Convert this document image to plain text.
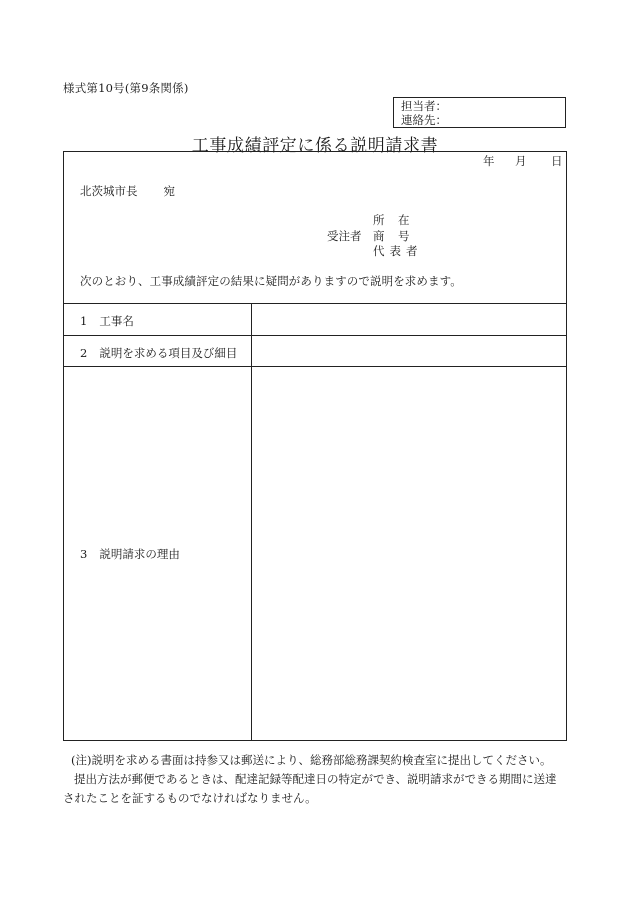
様式第10号(第9条関係)
担当者：
連絡先：
工事成績評定に係る説明請求書
年 月 日
北茨城市長 宛
所　在
受注者 商　号
代表者
次のとおり、工事成績評定の結果に疑問がありますので説明を求めます。
1 工事名
2 説明を求める項目及び細目
3 説明請求の理由
(注)説明を求める書面は持参又は郵送により、総務部総務課契約検査室に提出してください。
提出方法が郵便であるときは、配達記録等配達日の特定ができ、説明請求ができる期間に送達
されたことを証するものでなければなりません。
